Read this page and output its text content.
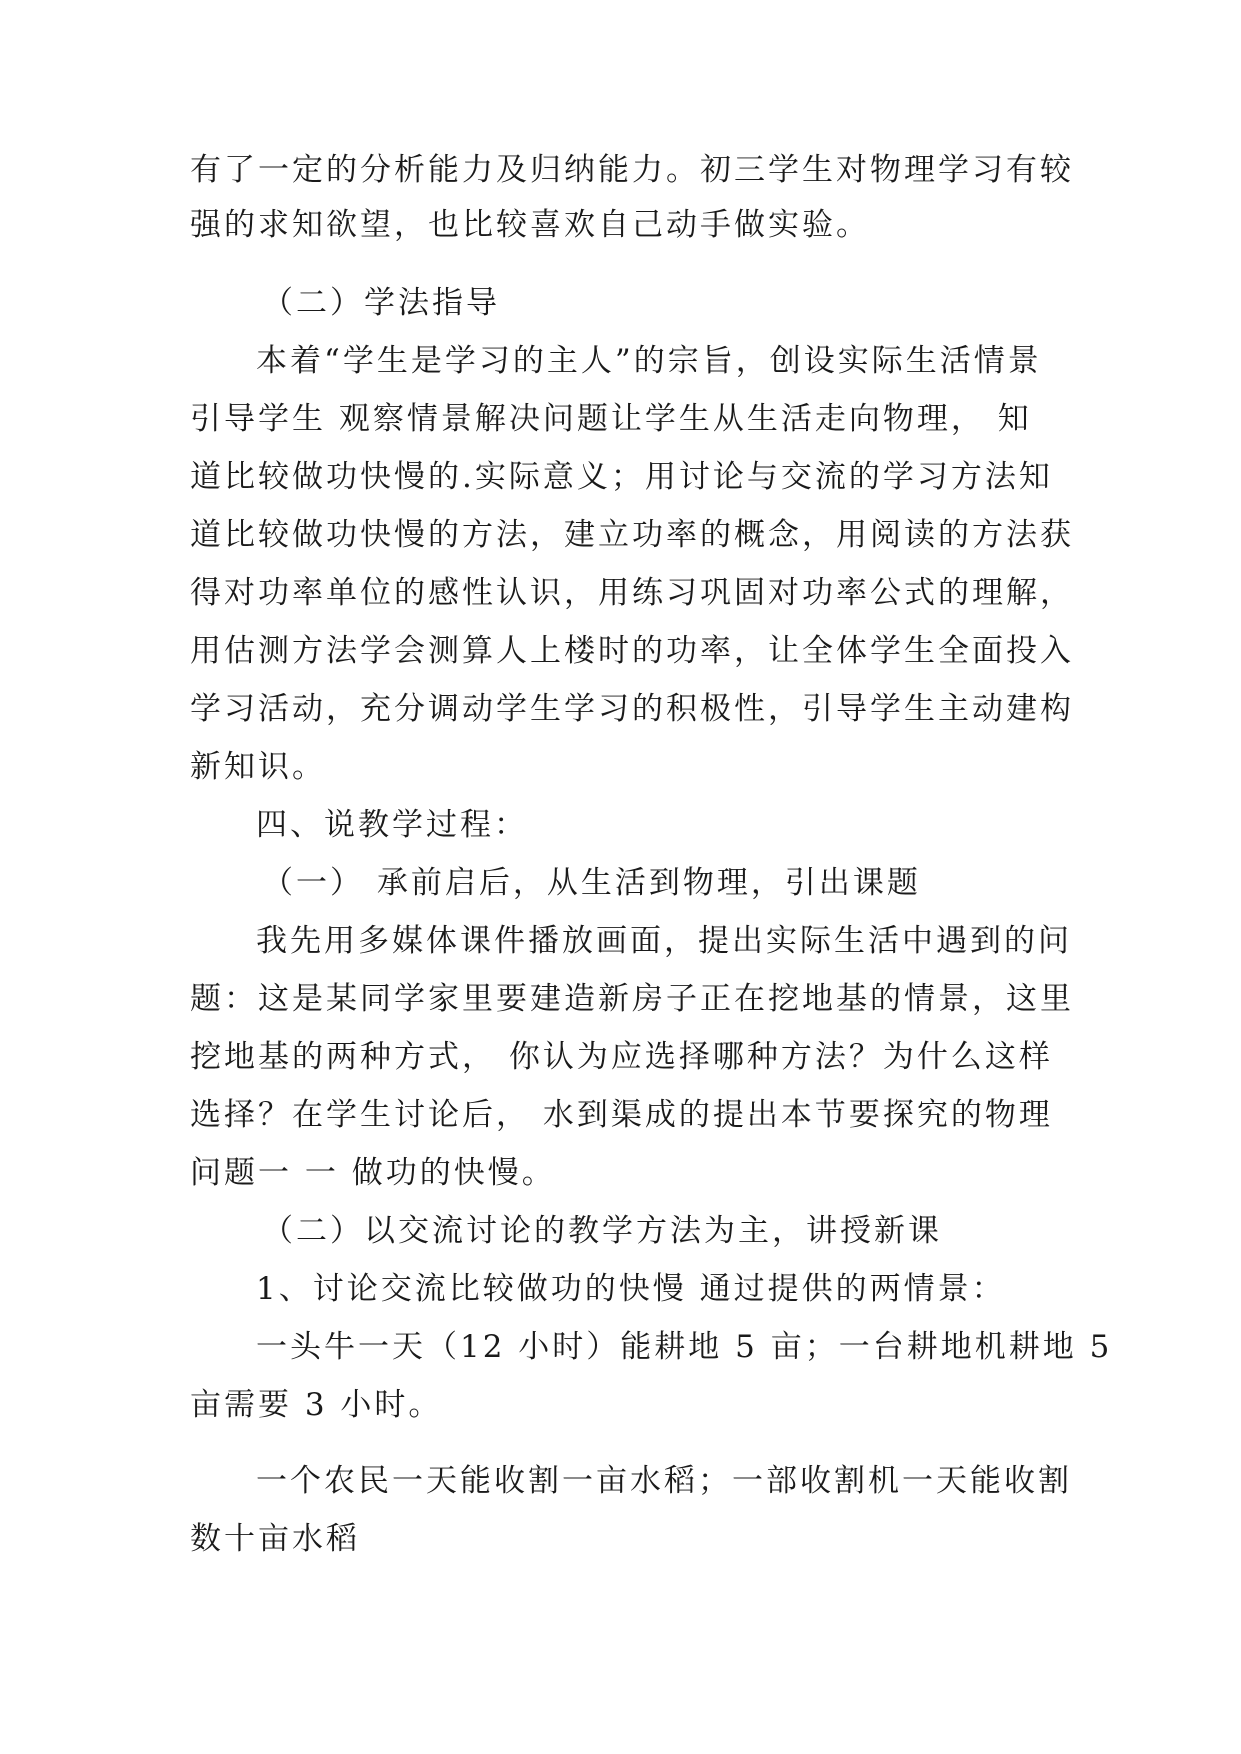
有了一定的分析能力及归纳能力。初三学生对物理学习有较
强的求知欲望，也比较喜欢自己动手做实验。
（二）学法指导
本着“学生是学习的主人”的宗旨，创设实际生活情景
引导学生 观察情景解决问题让学生从生活走向物理， 知
道比较做功快慢的.实际意义；用讨论与交流的学习方法知
道比较做功快慢的方法，建立功率的概念，用阅读的方法获
得对功率单位的感性认识，用练习巩固对功率公式的理解，
用估测方法学会测算人上楼时的功率，让全体学生全面投入
学习活动，充分调动学生学习的积极性，引导学生主动建构
新知识。
四、说教学过程：
（一） 承前启后，从生活到物理，引出课题
我先用多媒体课件播放画面，提出实际生活中遇到的问
题：这是某同学家里要建造新房子正在挖地基的情景，这里
挖地基的两种方式， 你认为应选择哪种方法？为什么这样
选择？在学生讨论后， 水到渠成的提出本节要探究的物理
问题一 一 做功的快慢。
（二）以交流讨论的教学方法为主，讲授新课
1、讨论交流比较做功的快慢 通过提供的两情景：
一头牛一天（12 小时）能耕地 5 亩；一台耕地机耕地 5
亩需要 3 小时。
一个农民一天能收割一亩水稻；一部收割机一天能收割
数十亩水稻
